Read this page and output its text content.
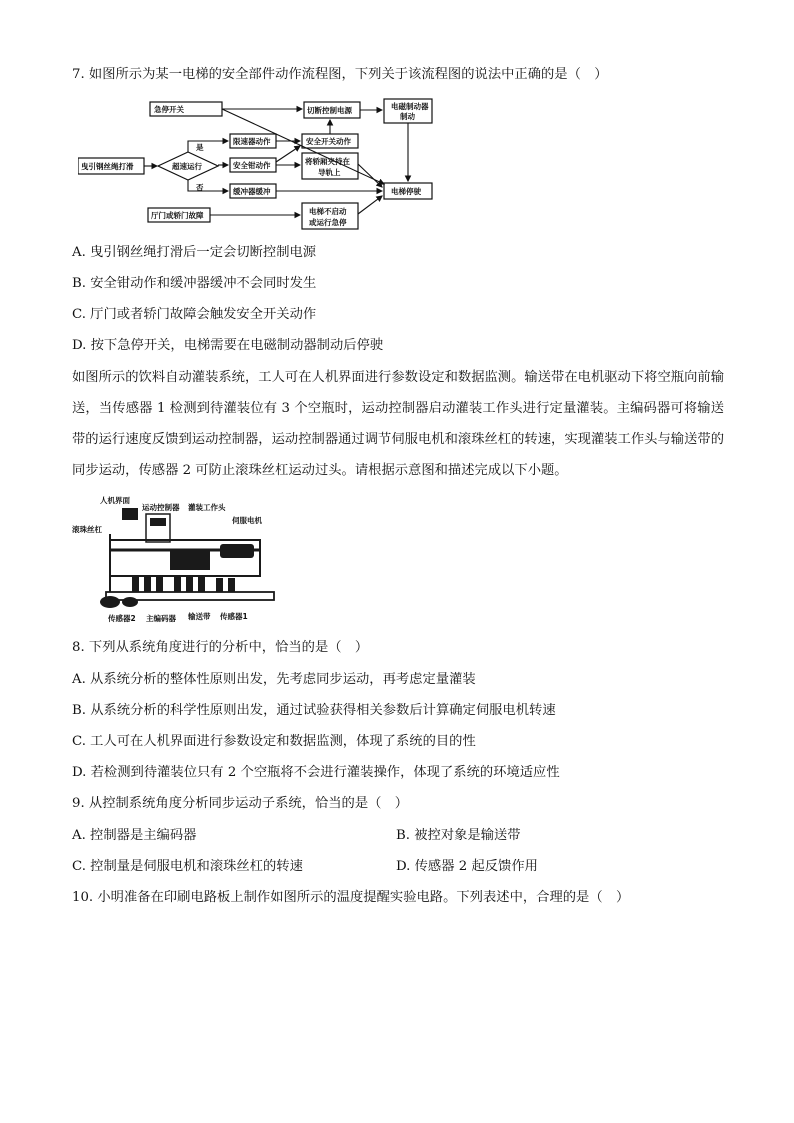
7. 如图所示为某一电梯的安全部件动作流程图，下列关于该流程图的说法中正确的是（　）
急停开关	切断控制电源	电磁制动器
制动
曳引钢丝绳打滑	超速运行
是
否
限速器动作	安全开关动作
安全钳动作	将轿厢夹持在
导轨上
缓冲器缓冲	电梯停驶
厅门或轿门故障	电梯不启动
或运行急停
A. 曳引钢丝绳打滑后一定会切断控制电源
B. 安全钳动作和缓冲器缓冲不会同时发生
C. 厅门或者轿门故障会触发安全开关动作
D. 按下急停开关，电梯需要在电磁制动器制动后停驶
如图所示的饮料自动灌装系统，工人可在人机界面进行参数设定和数据监测。输送带在电机驱动下将空瓶向前输送，当传感器 1 检测到待灌装位有 3 个空瓶时，运动控制器启动灌装工作头进行定量灌装。主编码器可将输送带的运行速度反馈到运动控制器，运动控制器通过调节伺服电机和滚珠丝杠的转速，实现灌装工作头与输送带的同步运动，传感器 2 可防止滚珠丝杠运动过头。请根据示意图和描述完成以下小题。
人机界面
运动控制器 灌装工作头
伺服电机
滚珠丝杠
传感器2 主编码器 输送带 传感器1
8. 下列从系统角度进行的分析中，恰当的是（　）
A. 从系统分析的整体性原则出发，先考虑同步运动，再考虑定量灌装
B. 从系统分析的科学性原则出发，通过试验获得相关参数后计算确定伺服电机转速
C. 工人可在人机界面进行参数设定和数据监测，体现了系统的目的性
D. 若检测到待灌装位只有 2 个空瓶将不会进行灌装操作，体现了系统的环境适应性
9. 从控制系统角度分析同步运动子系统，恰当的是（　）
A. 控制器是主编码器	B. 被控对象是输送带
C. 控制量是伺服电机和滚珠丝杠的转速	D. 传感器 2 起反馈作用
10. 小明准备在印刷电路板上制作如图所示的温度提醒实验电路。下列表述中，合理的是（　）
